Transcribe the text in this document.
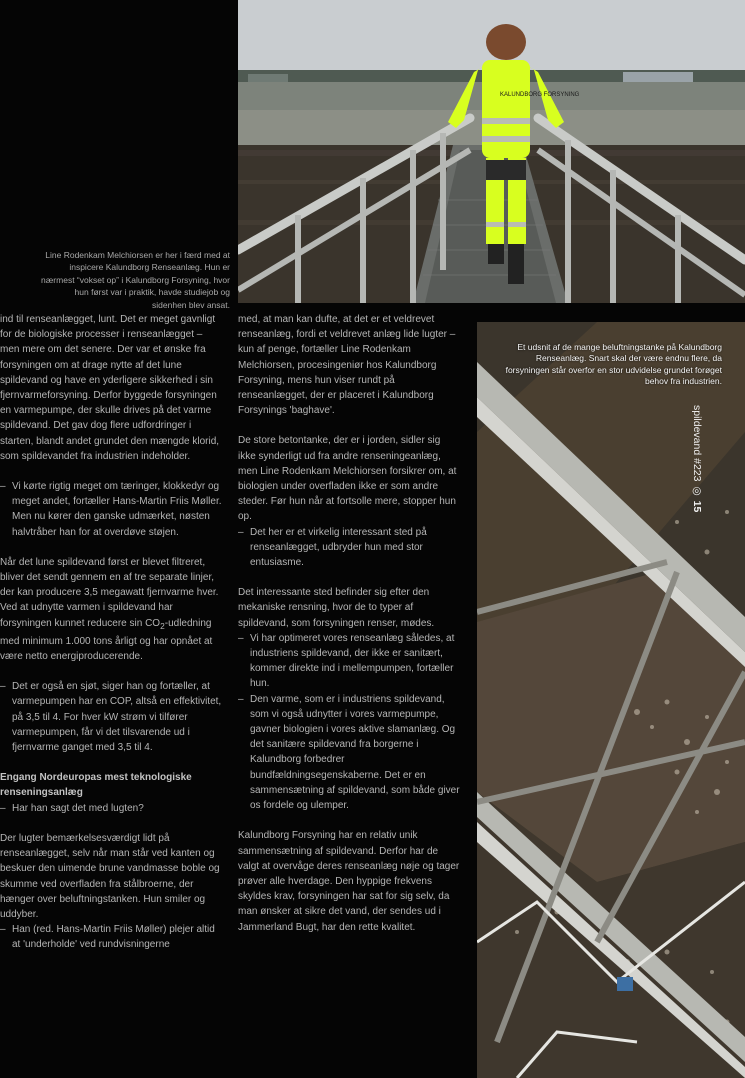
KALUNDBORG FORSYNING

Line Rodenkam Melchiorsen er her i færd med at inspicere Kalundborg Renseanlæg. Hun er nærmest “vokset op” i Kalundborg Forsyning, hvor hun først var i praktik, havde studiejob og sidenhen blev ansat.

Et udsnit af de mange beluftningstanke på Kalundborg Renseanlæg. Snart skal der være endnu flere, da forsyningen står overfor en stor udvidelse grundet forøget behov fra industrien.

spildevand #223
◎
15

ind til renseanlægget, lunt. Det er meget gavnligt for de biologiske processer i renseanlægget – men mere om det senere. Der var et ønske fra forsyningen om at drage nytte af det lune spildevand og have en yderligere sikkerhed i sin fjernvarmeforsyning. Derfor byggede forsyningen en varmepumpe, der skulle drives på det varme spildevand. Det gav dog flere udfordringer i starten, blandt andet grundet den mængde klorid, som spildevandet fra industrien indeholder.

– Vi kørte rigtig meget om tæringer, klokkedyr og meget andet, fortæller Hans-Martin Friis Møller. Men nu kører den ganske udmærket, nøsten halvtråber han for at overdøve støjen.

Når det lune spildevand først er blevet filtreret, bliver det sendt gennem en af tre separate linjer, der kan producere 3,5 megawatt fjernvarme hver. Ved at udnytte varmen i spildevand har forsyningen kunnet reducere $\sin CO_2$-udledning med minimum 1.000 tons årligt og har opnået at være netto energiproducerende.

– Det er også en sjøt, siger han og fortæller, at varmepumpen har en COP, altså en effektivitet, på 3,5 til 4. For hver kW strøm vi tilfører varmepumpen, får vi det tilsvarende ud i fjernvarme ganget med 3,5 til 4.

Engang Nordeuropas mest teknologiske renseningsanlæg

– Har han sagt det med lugten?

Der lugter bemærkelsesværdigt lidt på renseanlægget, selv når man står ved kanten og beskuer den uimende brune vandmasse boble og skumme ved overfladen fra stålbroerne, der hænger over beluftningstanken. Hun smiler og uddyber.

– Han (red. Hans-Martin Friis Møller) plejer altid at 'underholde' ved rundvisningerne

med, at man kan dufte, at det er et veldrevet renseanlæg, fordi et veldrevet anlæg lide lugter – kun af penge, fortæller Line Rodenkam Melchiorsen, procesingeniør hos Kalundborg Forsyning, mens hun viser rundt på renseanlægget, der er placeret i Kalundborg Forsynings 'baghave'.

De store betontanke, der er i jorden, sidler sig ikke synderligt ud fra andre renseningeanlæg, men Line Rodenkam Melchiorsen forsikrer om, at biologien under overfladen ikke er som andre steder. Før hun når at fortsolle mere, stopper hun op.

– Det her er et virkelig interessant sted på renseanlægget, udbryder hun med stor entusiasme.

Det interessante sted befinder sig efter den mekaniske rensning, hvor de to typer af spildevand, som forsyningen renser, mødes.

– Vi har optimeret vores renseanlæg således, at industriens spildevand, der ikke er sanitært, kommer direkte ind i mellempumpen, fortæller hun.

– Den varme, som er i industriens spildevand, som vi også udnytter i vores varmepumpe, gavner biologien i vores aktive slamanlæg. Og det sanitære spildevand fra borgerne i Kalundborg forbedrer bundfældningsegenskaberne. Det er en sammensætning af spildevand, som både giver os fordele og ulemper.

Kalundborg Forsyning har en relativ unik sammensætning af spildevand. Derfor har de valgt at overvåge deres renseanlæg nøje og tager prøver alle hverdage. Den hyppige frekvens skyldes krav, forsyningen har sat for sig selv, da man ønsker at sikre det vand, der sendes ud i Jammerland Bugt, har den rette kvalitet.
